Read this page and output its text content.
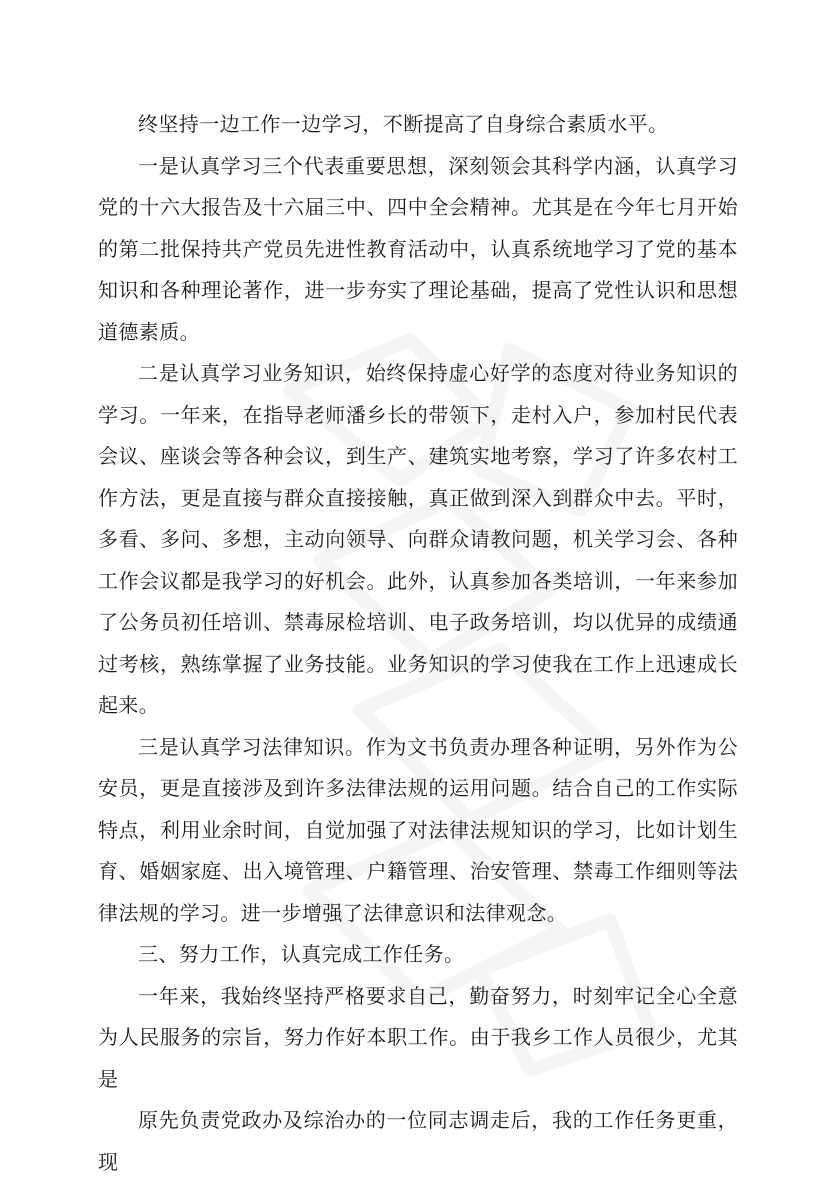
终坚持一边工作一边学习，不断提高了自身综合素质水平。

一是认真学习三个代表重要思想，深刻领会其科学内涵，认真学习党的十六大报告及十六届三中、四中全会精神。尤其是在今年七月开始的第二批保持共产党员先进性教育活动中，认真系统地学习了党的基本知识和各种理论著作，进一步夯实了理论基础，提高了党性认识和思想道德素质。

二是认真学习业务知识，始终保持虚心好学的态度对待业务知识的学习。一年来，在指导老师潘乡长的带领下，走村入户，参加村民代表会议、座谈会等各种会议，到生产、建筑实地考察，学习了许多农村工作方法，更是直接与群众直接接触，真正做到深入到群众中去。平时，多看、多问、多想，主动向领导、向群众请教问题，机关学习会、各种工作会议都是我学习的好机会。此外，认真参加各类培训，一年来参加了公务员初任培训、禁毒尿检培训、电子政务培训，均以优异的成绩通过考核，熟练掌握了业务技能。业务知识的学习使我在工作上迅速成长起来。

三是认真学习法律知识。作为文书负责办理各种证明，另外作为公安员，更是直接涉及到许多法律法规的运用问题。结合自己的工作实际特点，利用业余时间，自觉加强了对法律法规知识的学习，比如计划生育、婚姻家庭、出入境管理、户籍管理、治安管理、禁毒工作细则等法律法规的学习。进一步增强了法律意识和法律观念。

三、努力工作，认真完成工作任务。

一年来，我始终坚持严格要求自己，勤奋努力，时刻牢记全心全意为人民服务的宗旨，努力作好本职工作。由于我乡工作人员很少，尤其是

原先负责党政办及综治办的一位同志调走后，我的工作任务更重，现
